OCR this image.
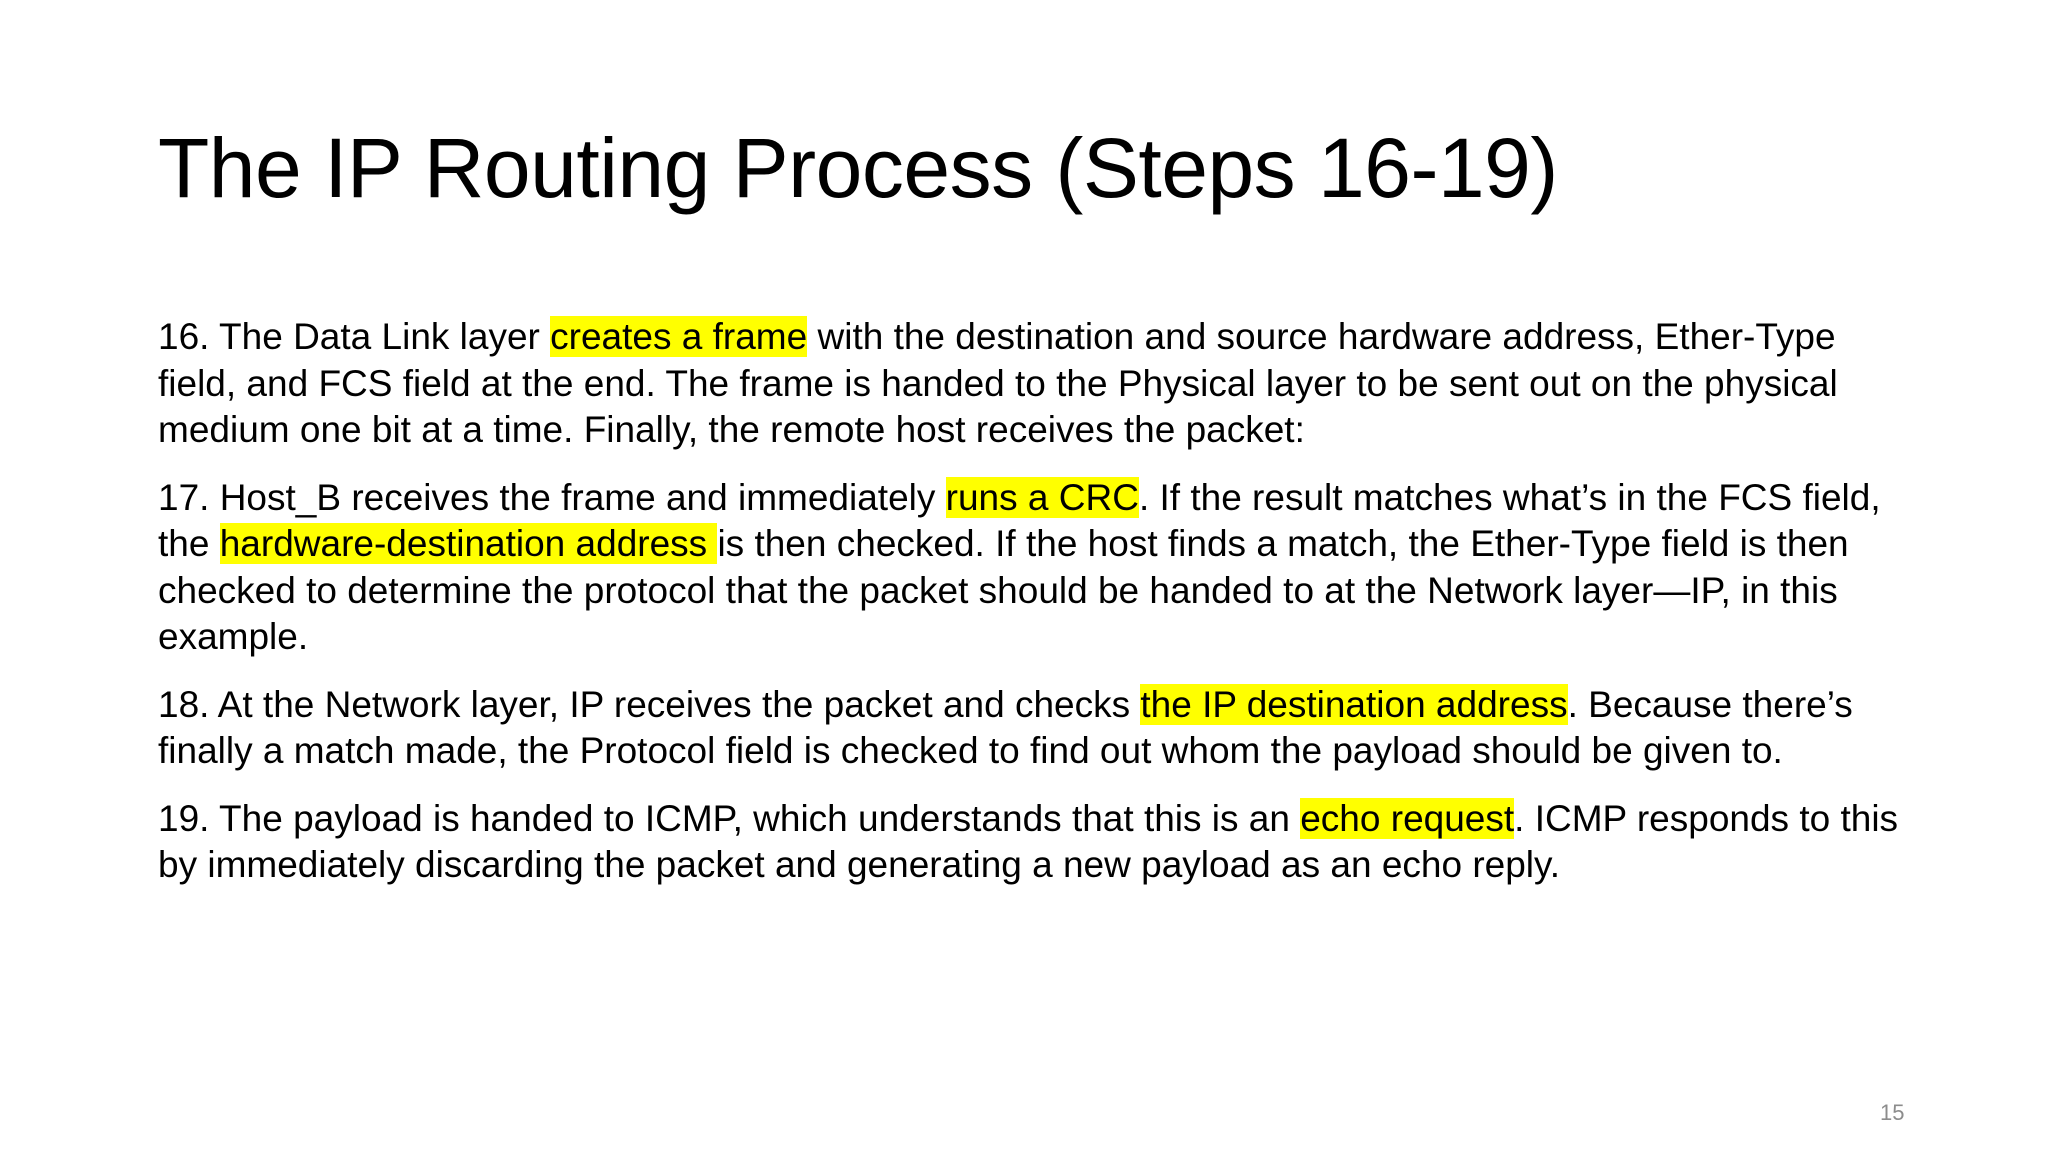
The IP Routing Process (Steps 16-19)

16. The Data Link layer creates a frame with the destination and source hardware address, Ether-Type field, and FCS field at the end. The frame is handed to the Physical layer to be sent out on the physical medium one bit at a time. Finally, the remote host receives the packet:

17. Host_B receives the frame and immediately runs a CRC. If the result matches what’s in the FCS field, the hardware-destination address is then checked. If the host finds a match, the Ether-Type field is then checked to determine the protocol that the packet should be handed to at the Network layer—IP, in this example.

18. At the Network layer, IP receives the packet and checks the IP destination address. Because there’s finally a match made, the Protocol field is checked to find out whom the payload should be given to.

19. The payload is handed to ICMP, which understands that this is an echo request. ICMP responds to this by immediately discarding the packet and generating a new payload as an echo reply.

15
